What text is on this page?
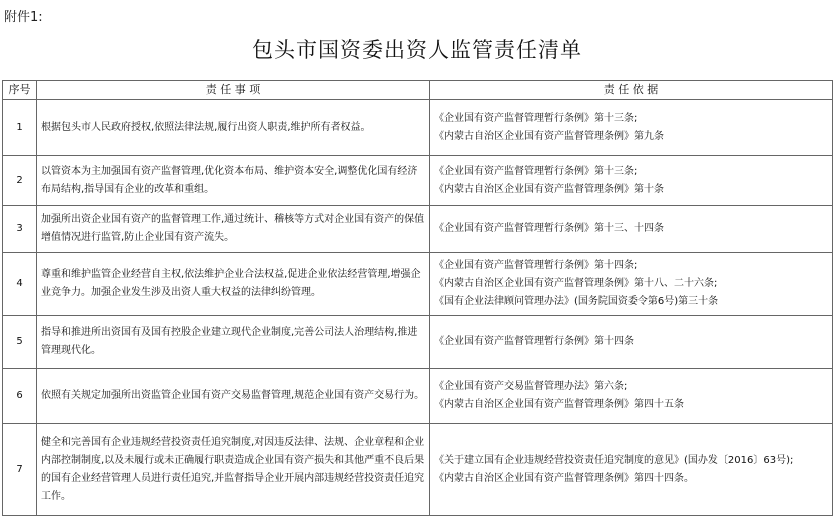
附件1:
包头市国资委出资人监管责任清单
序号	责 任 事 项	责 任 依 据
1	根据包头市人民政府授权,依照法律法规,履行出资人职责,维护所有者权益。	《企业国有资产监督管理暂行条例》第十三条;
《内蒙古自治区企业国有资产监督管理条例》第九条

2	以管资本为主加强国有资产监督管理,优化资本布局、维护资本安全,调整优化国有经济布局结构,指导国有企业的改革和重组。	《企业国有资产监督管理暂行条例》第十三条;
《内蒙古自治区企业国有资产监督管理条例》第十条

3	加强所出资企业国有资产的监督管理工作,通过统计、稽核等方式对企业国有资产的保值增值情况进行监管,防止企业国有资产流失。	《企业国有资产监督管理暂行条例》第十三、十四条

4	尊重和维护监管企业经营自主权,依法维护企业合法权益,促进企业依法经营管理,增强企业竞争力。加强企业发生涉及出资人重大权益的法律纠纷管理。	《企业国有资产监督管理暂行条例》第十四条;
《内蒙古自治区企业国有资产监督管理条例》第十八、二十六条;
《国有企业法律顾问管理办法》(国务院国资委令第6号)第三十条

5	指导和推进所出资国有及国有控股企业建立现代企业制度,完善公司法人治理结构,推进管理现代化。	《企业国有资产监督管理暂行条例》第十四条

6	依照有关规定加强所出资监管企业国有资产交易监督管理,规范企业国有资产交易行为。	《企业国有资产交易监督管理办法》第六条;
《内蒙古自治区企业国有资产监督管理条例》第四十五条

7	健全和完善国有企业违规经营投资责任追究制度,对因违反法律、法规、企业章程和企业内部控制制度,以及未履行或未正确履行职责造成企业国有资产损失和其他严重不良后果的国有企业经营管理人员进行责任追究,并监督指导企业开展内部违规经营投资责任追究工作。	《关于建立国有企业违规经营投资责任追究制度的意见》(国办发〔2016〕63号);
《内蒙古自治区企业国有资产监督管理条例》第四十四条。
